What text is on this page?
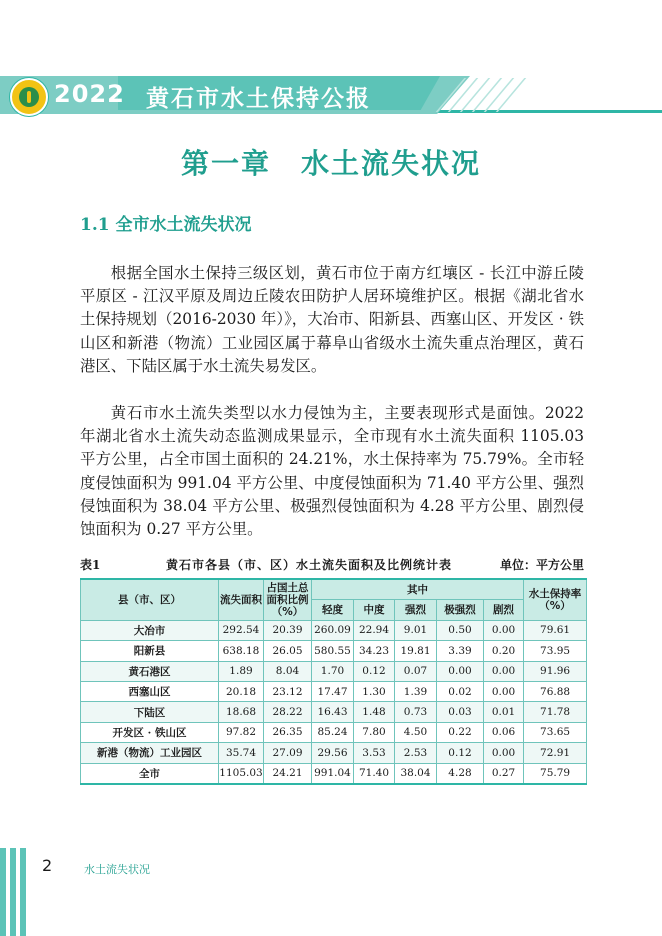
2022 黄石市水土保持公报
第一章　水土流失状况
1.1 全市水土流失状况
根据全国水土保持三级区划，黄石市位于南方红壤区 - 长江中游丘陵平原区 - 江汉平原及周边丘陵农田防护人居环境维护区。根据《湖北省水土保持规划（2016-2030 年）》，大冶市、阳新县、西塞山区、开发区 · 铁山区和新港（物流）工业园区属于幕阜山省级水土流失重点治理区，黄石港区、下陆区属于水土流失易发区。
黄石市水土流失类型以水力侵蚀为主，主要表现形式是面蚀。2022 年湖北省水土流失动态监测成果显示，全市现有水土流失面积 1105.03 平方公里，占全市国土面积的 24.21%，水土保持率为 75.79%。全市轻度侵蚀面积为 991.04 平方公里、中度侵蚀面积为 71.40 平方公里、强烈侵蚀面积为 38.04 平方公里、极强烈侵蚀面积为 4.28 平方公里、剧烈侵蚀面积为 0.27 平方公里。
表1	黄石市各县（市、区）水土流失面积及比例统计表	单位：平方公里
县（市、区）	流失面积	占国土总面积比例（%）	其中					水土保持率（%）
			轻度	中度	强烈	极强烈	剧烈	
大冶市	292.54	20.39	260.09	22.94	9.01	0.50	0.00	79.61
阳新县	638.18	26.05	580.55	34.23	19.81	3.39	0.20	73.95
黄石港区	1.89	8.04	1.70	0.12	0.07	0.00	0.00	91.96
西塞山区	20.18	23.12	17.47	1.30	1.39	0.02	0.00	76.88
下陆区	18.68	28.22	16.43	1.48	0.73	0.03	0.01	71.78
开发区 · 铁山区	97.82	26.35	85.24	7.80	4.50	0.22	0.06	73.65
新港（物流）工业园区	35.74	27.09	29.56	3.53	2.53	0.12	0.00	72.91
全市	1105.03	24.21	991.04	71.40	38.04	4.28	0.27	75.79
2	水土流失状况
